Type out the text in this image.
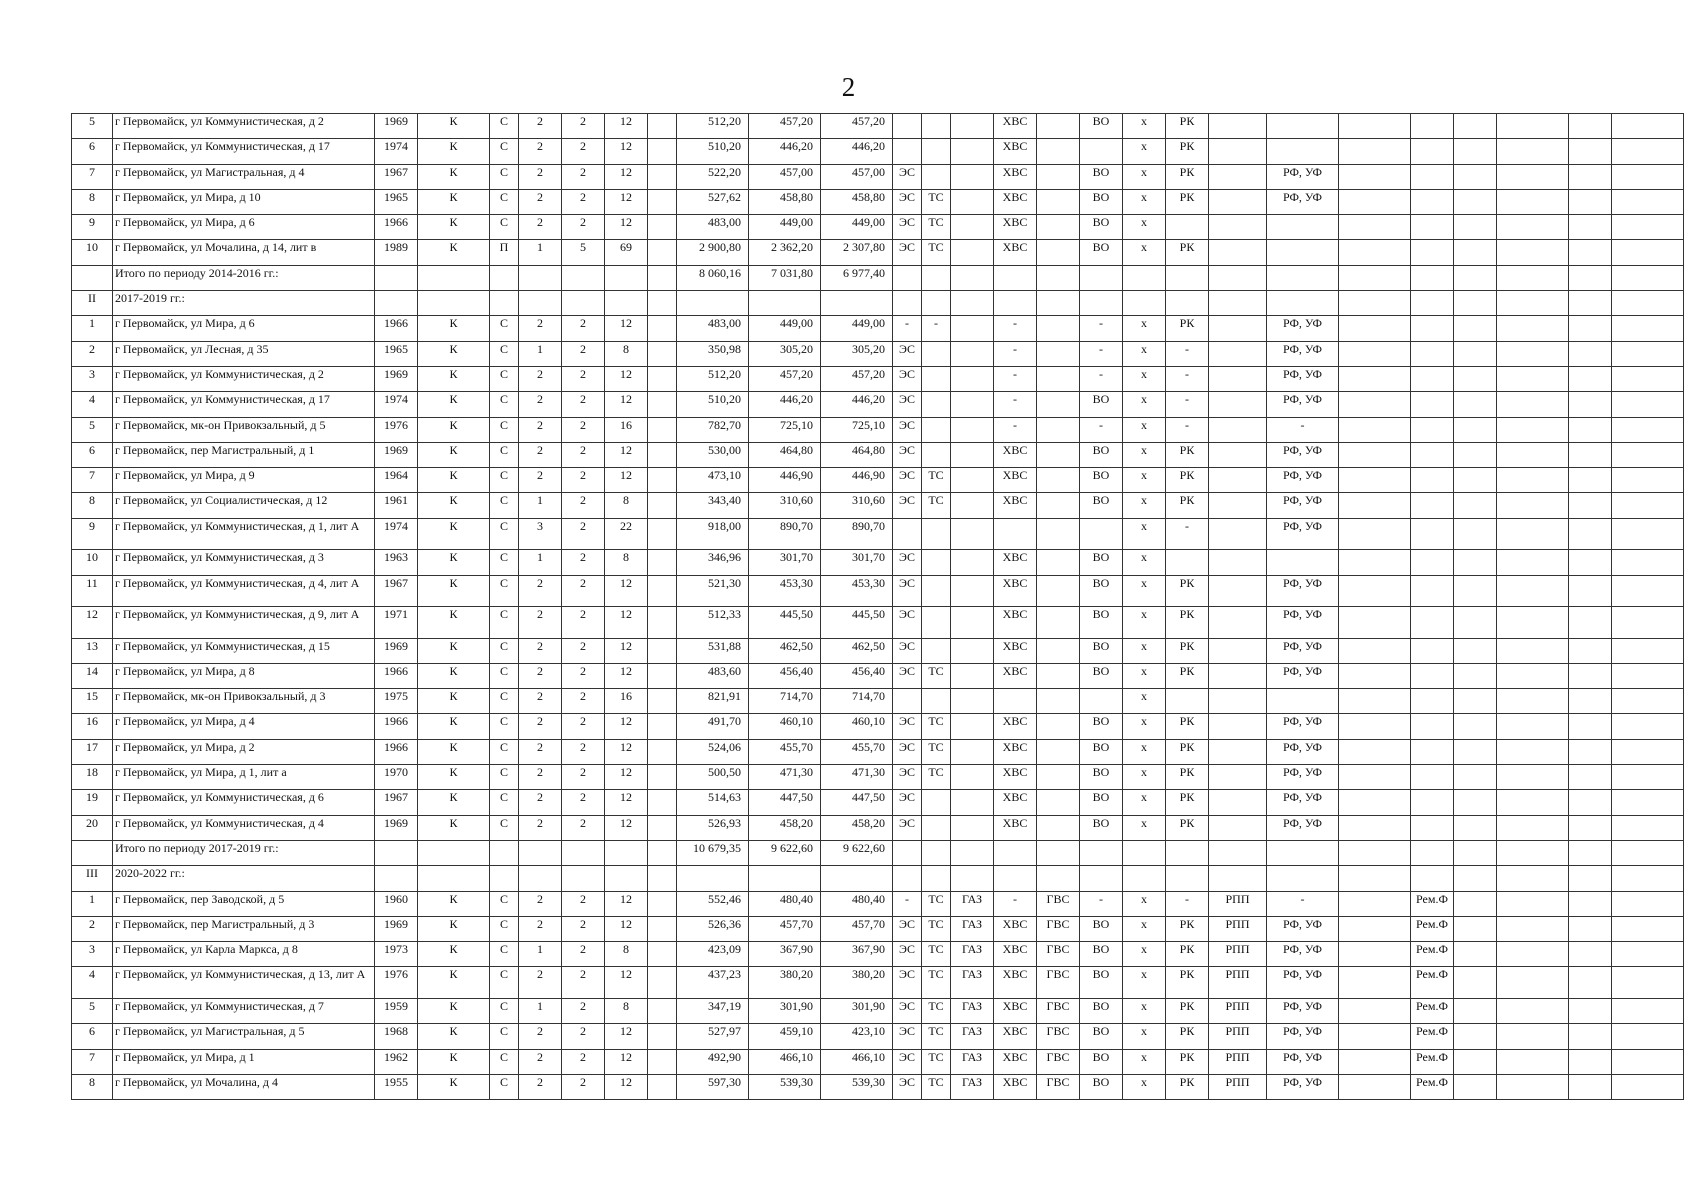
2
5	г Первомайск, ул Коммунистическая, д 2	1969	К	С	2	2	12		512,20	457,20	457,20				ХВС		ВО	х	РК								
6	г Первомайск, ул Коммунистическая, д 17	1974	К	С	2	2	12		510,20	446,20	446,20				ХВС			х	РК								
7	г Первомайск, ул Магистральная, д 4	1967	К	С	2	2	12		522,20	457,00	457,00	ЭС			ХВС		ВО	х	РК		РФ, УФ						
8	г Первомайск, ул Мира, д 10	1965	К	С	2	2	12		527,62	458,80	458,80	ЭС	ТС		ХВС		ВО	х	РК		РФ, УФ						
9	г Первомайск, ул Мира, д 6	1966	К	С	2	2	12		483,00	449,00	449,00	ЭС	ТС		ХВС		ВО	х									
10	г Первомайск, ул Мочалина, д 14, лит в	1989	К	П	1	5	69		2 900,80	2 362,20	2 307,80	ЭС	ТС		ХВС		ВО	х	РК								
	Итого по периоду 2014-2016 гг.:								8 060,16	7 031,80	6 977,40																
II	2017-2019 гг.:																										
1	г Первомайск, ул Мира, д 6	1966	К	С	2	2	12		483,00	449,00	449,00	-	-		-		-	х	РК		РФ, УФ						
2	г Первомайск, ул Лесная, д 35	1965	К	С	1	2	8		350,98	305,20	305,20	ЭС			-		-	х	-		РФ, УФ						
3	г Первомайск, ул Коммунистическая, д 2	1969	К	С	2	2	12		512,20	457,20	457,20	ЭС			-		-	х	-		РФ, УФ						
4	г Первомайск, ул Коммунистическая, д 17	1974	К	С	2	2	12		510,20	446,20	446,20	ЭС			-		ВО	х	-		РФ, УФ						
5	г Первомайск, мк-он Привокзальный, д 5	1976	К	С	2	2	16		782,70	725,10	725,10	ЭС			-		-	х	-		-						
6	г Первомайск, пер Магистральный, д 1	1969	К	С	2	2	12		530,00	464,80	464,80	ЭС			ХВС		ВО	х	РК		РФ, УФ						
7	г Первомайск, ул Мира, д 9	1964	К	С	2	2	12		473,10	446,90	446,90	ЭС	ТС		ХВС		ВО	х	РК		РФ, УФ						
8	г Первомайск, ул Социалистическая, д 12	1961	К	С	1	2	8		343,40	310,60	310,60	ЭС	ТС		ХВС		ВО	х	РК		РФ, УФ						
9	г Первомайск, ул Коммунистическая, д 1, лит А	1974	К	С	3	2	22		918,00	890,70	890,70							х	-		РФ, УФ						
10	г Первомайск, ул Коммунистическая, д 3	1963	К	С	1	2	8		346,96	301,70	301,70	ЭС			ХВС		ВО	х									
11	г Первомайск, ул Коммунистическая, д 4, лит А	1967	К	С	2	2	12		521,30	453,30	453,30	ЭС			ХВС		ВО	х	РК		РФ, УФ						
12	г Первомайск, ул Коммунистическая, д 9, лит А	1971	К	С	2	2	12		512,33	445,50	445,50	ЭС			ХВС		ВО	х	РК		РФ, УФ						
13	г Первомайск, ул Коммунистическая, д 15	1969	К	С	2	2	12		531,88	462,50	462,50	ЭС			ХВС		ВО	х	РК		РФ, УФ						
14	г Первомайск, ул Мира, д 8	1966	К	С	2	2	12		483,60	456,40	456,40	ЭС	ТС		ХВС		ВО	х	РК		РФ, УФ						
15	г Первомайск, мк-он Привокзальный, д 3	1975	К	С	2	2	16		821,91	714,70	714,70							х									
16	г Первомайск, ул Мира, д 4	1966	К	С	2	2	12		491,70	460,10	460,10	ЭС	ТС		ХВС		ВО	х	РК		РФ, УФ						
17	г Первомайск, ул Мира, д 2	1966	К	С	2	2	12		524,06	455,70	455,70	ЭС	ТС		ХВС		ВО	х	РК		РФ, УФ						
18	г Первомайск, ул Мира, д 1, лит а	1970	К	С	2	2	12		500,50	471,30	471,30	ЭС	ТС		ХВС		ВО	х	РК		РФ, УФ						
19	г Первомайск, ул Коммунистическая, д 6	1967	К	С	2	2	12		514,63	447,50	447,50	ЭС			ХВС		ВО	х	РК		РФ, УФ						
20	г Первомайск, ул Коммунистическая, д 4	1969	К	С	2	2	12		526,93	458,20	458,20	ЭС			ХВС		ВО	х	РК		РФ, УФ						
	Итого по периоду 2017-2019 гг.:								10 679,35	9 622,60	9 622,60																
III	2020-2022 гг.:																										
1	г Первомайск, пер Заводской, д 5	1960	К	С	2	2	12		552,46	480,40	480,40	-	ТС	ГАЗ	-	ГВС	-	х	-	РПП	-		Рем.Ф				
2	г Первомайск, пер Магистральный, д 3	1969	К	С	2	2	12		526,36	457,70	457,70	ЭС	ТС	ГАЗ	ХВС	ГВС	ВО	х	РК	РПП	РФ, УФ		Рем.Ф				
3	г Первомайск, ул Карла Маркса, д 8	1973	К	С	1	2	8		423,09	367,90	367,90	ЭС	ТС	ГАЗ	ХВС	ГВС	ВО	х	РК	РПП	РФ, УФ		Рем.Ф				
4	г Первомайск, ул Коммунистическая, д 13, лит А	1976	К	С	2	2	12		437,23	380,20	380,20	ЭС	ТС	ГАЗ	ХВС	ГВС	ВО	х	РК	РПП	РФ, УФ		Рем.Ф				
5	г Первомайск, ул Коммунистическая, д 7	1959	К	С	1	2	8		347,19	301,90	301,90	ЭС	ТС	ГАЗ	ХВС	ГВС	ВО	х	РК	РПП	РФ, УФ		Рем.Ф				
6	г Первомайск, ул Магистральная, д 5	1968	К	С	2	2	12		527,97	459,10	423,10	ЭС	ТС	ГАЗ	ХВС	ГВС	ВО	х	РК	РПП	РФ, УФ		Рем.Ф				
7	г Первомайск, ул Мира, д 1	1962	К	С	2	2	12		492,90	466,10	466,10	ЭС	ТС	ГАЗ	ХВС	ГВС	ВО	х	РК	РПП	РФ, УФ		Рем.Ф				
8	г Первомайск, ул Мочалина, д 4	1955	К	С	2	2	12		597,30	539,30	539,30	ЭС	ТС	ГАЗ	ХВС	ГВС	ВО	х	РК	РПП	РФ, УФ		Рем.Ф				
